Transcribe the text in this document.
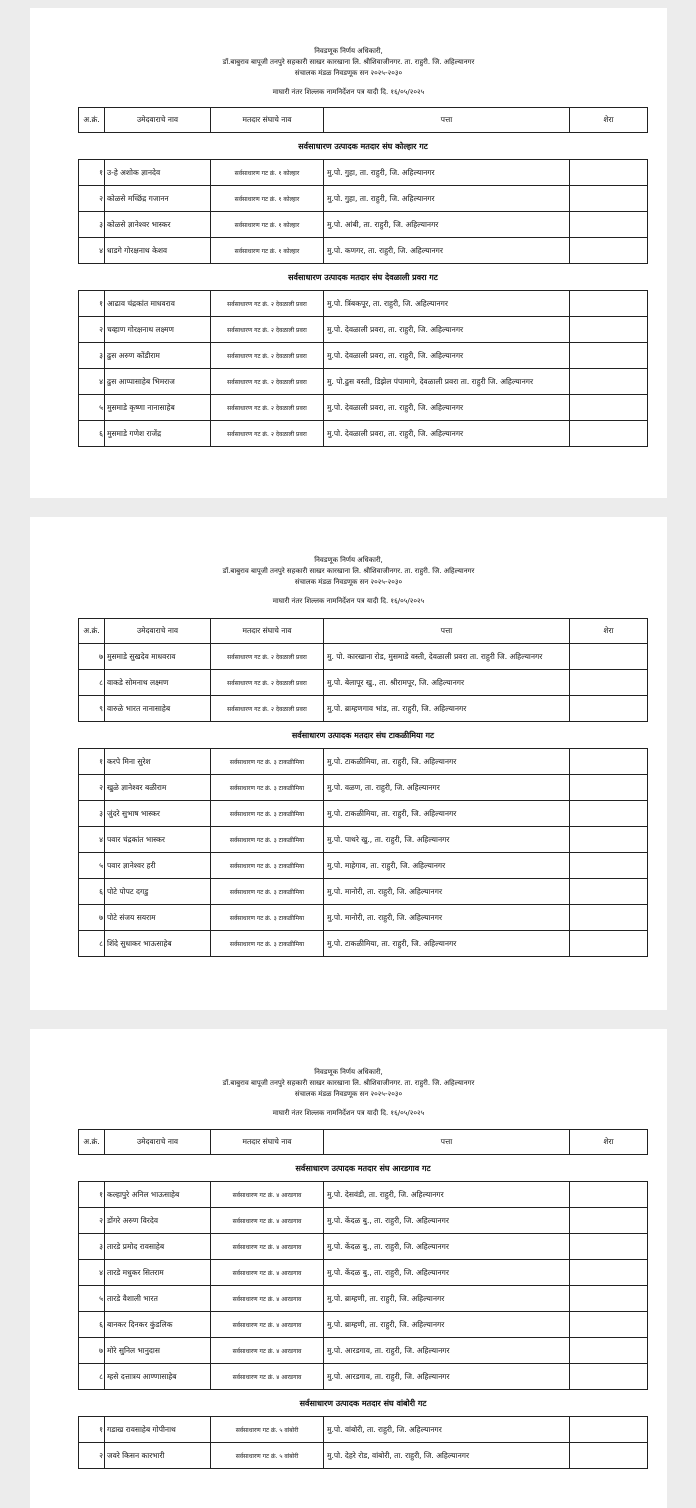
निवडणूक निर्णय अधिकारी,
डॉ.बाबुराव बापूजी तनपुरे सहकारी साखर कारखाना लि. श्रीशिवाजीनगर. ता. राहुरी. जि. अहिल्यानगर
संचालक मंडळ निवडणूक सन २०२५-२०३०
माघारी नंतर शिल्लक नामनिर्देशन पत्र यादी दि. १६/०५/२०२५
अ.क्रं.	उमेदवाराचे नाव	मतदार संघाचे नाव	पत्ता	शेरा
सर्वसाधारण उत्पादक मतदार संघ कोल्हार गट				
१	उ-हे अशोक ज्ञानदेव	सर्वसाधारण गट क्रं. १ कोल्हार	मु.पो. गुहा, ता. राहुरी, जि. अहिल्यानगर	
२	कोळसे मच्छिंद्र गजानन	सर्वसाधारण गट क्रं. १ कोल्हार	मु.पो. गुहा, ता. राहुरी, जि. अहिल्यानगर	
३	कोळसे ज्ञानेश्वर भास्कर	सर्वसाधारण गट क्रं. १ कोल्हार	मु.पो. आंबी, ता. राहुरी, जि. अहिल्यानगर	
४	धाडगे गोरक्षनाथ केशव	सर्वसाधारण गट क्रं. १ कोल्हार	मु.पो. कणगर, ता. राहुरी, जि. अहिल्यानगर	
सर्वसाधारण उत्पादक मतदार संघ देवळाली प्रवरा गट				
१	आढाव चंद्रकांत माधवराव	सर्वसाधारण गट क्रं. २ देवळाली प्रवरा	मु.पो. त्रिंबकपूर, ता. राहुरी, जि. अहिल्यानगर	
२	चव्हाण गोरक्षनाथ लक्ष्मण	सर्वसाधारण गट क्रं. २ देवळाली प्रवरा	मु.पो. देवळाली प्रवरा, ता. राहुरी, जि. अहिल्यानगर	
३	ढुस अरुण कोंडीराम	सर्वसाधारण गट क्रं. २ देवळाली प्रवरा	मु.पो. देवळाली प्रवरा, ता. राहुरी, जि. अहिल्यानगर	
४	ढुस आप्पासाहेब भिमराज	सर्वसाधारण गट क्रं. २ देवळाली प्रवरा	मु. पो.ढुस वस्ती, डिझेल पंपामागे, देवळाली प्रवरा ता. राहुरी जि. अहिल्यानगर	
५	मुसमाडे कृष्णा नानासाहेब	सर्वसाधारण गट क्रं. २ देवळाली प्रवरा	मु.पो. देवळाली प्रवरा, ता. राहुरी, जि. अहिल्यानगर	
६	मुसमाडे गणेश राजेंद्र	सर्वसाधारण गट क्रं. २ देवळाली प्रवरा	मु.पो. देवळाली प्रवरा, ता. राहुरी, जि. अहिल्यानगर	
निवडणूक निर्णय अधिकारी,
डॉ.बाबुराव बापूजी तनपुरे सहकारी साखर कारखाना लि. श्रीशिवाजीनगर. ता. राहुरी. जि. अहिल्यानगर
संचालक मंडळ निवडणूक सन २०२५-२०३०
माघारी नंतर शिल्लक नामनिर्देशन पत्र यादी दि. १६/०५/२०२५
अ.क्रं.	उमेदवाराचे नाव	मतदार संघाचे नाव	पत्ता	शेरा
७	मुसमाडे सुखदेव माधवराव	सर्वसाधारण गट क्रं. २ देवळाली प्रवरा	मु. पो. कारखाना रोड, मुसमाडे वस्ती, देवळाली प्रवरा ता. राहुरी जि. अहिल्यानगर	
८	वाकडे सोमनाथ लक्ष्मण	सर्वसाधारण गट क्रं. २ देवळाली प्रवरा	मु.पो. बेलापूर खु., ता. श्रीरामपूर, जि. अहिल्यानगर	
९	वारुळे भारत नानासाहेब	सर्वसाधारण गट क्रं. २ देवळाली प्रवरा	मु.पो. ब्राम्हणगाव भांड, ता. राहुरी, जि. अहिल्यानगर	
सर्वसाधारण उत्पादक मतदार संघ टाकळीमिया गट				
१	करपे मिना सुरेश	सर्वसाधारण गट क्रं. ३ टाकळीमिया	मु.पो. टाकळीमिया, ता. राहुरी, जि. अहिल्यानगर	
२	खुळे ज्ञानेश्वर बळीराम	सर्वसाधारण गट क्रं. ३ टाकळीमिया	मु.पो. वळण, ता. राहुरी, जि. अहिल्यानगर	
३	जुंदरे सुभाष भास्कर	सर्वसाधारण गट क्रं. ३ टाकळीमिया	मु.पो. टाकळीमिया, ता. राहुरी, जि. अहिल्यानगर	
४	पवार चंद्रकांत भास्कर	सर्वसाधारण गट क्रं. ३ टाकळीमिया	मु.पो. पाथरे खु., ता. राहुरी, जि. अहिल्यानगर	
५	पवार ज्ञानेश्वर हरी	सर्वसाधारण गट क्रं. ३ टाकळीमिया	मु.पो. माहेगाव, ता. राहुरी, जि. अहिल्यानगर	
६	पोटे पोपट दगडु	सर्वसाधारण गट क्रं. ३ टाकळीमिया	मु.पो. मानोरी, ता. राहुरी, जि. अहिल्यानगर	
७	पोटे संजय सयराम	सर्वसाधारण गट क्रं. ३ टाकळीमिया	मु.पो. मानोरी, ता. राहुरी, जि. अहिल्यानगर	
८	शिंदे सुधाकर भाऊसाहेब	सर्वसाधारण गट क्रं. ३ टाकळीमिया	मु.पो. टाकळीमिया, ता. राहुरी, जि. अहिल्यानगर	
निवडणूक निर्णय अधिकारी,
डॉ.बाबुराव बापूजी तनपुरे सहकारी साखर कारखाना लि. श्रीशिवाजीनगर. ता. राहुरी. जि. अहिल्यानगर
संचालक मंडळ निवडणूक सन २०२५-२०३०
माघारी नंतर शिल्लक नामनिर्देशन पत्र यादी दि. १६/०५/२०२५
अ.क्रं.	उमेदवाराचे नाव	मतदार संघाचे नाव	पत्ता	शेरा
सर्वसाधारण उत्पादक मतदार संघ आरडगाव गट				
१	कल्हापुरे अनिल भाऊसाहेब	सर्वसाधारण गट क्रं. ४ आरडगाव	मु.पो. देसवंडी, ता. राहुरी, जि. अहिल्यानगर	
२	डोंगरे अरुण विरदेव	सर्वसाधारण गट क्रं. ४ आरडगाव	मु.पो. केंदळ बु., ता. राहुरी, जि. अहिल्यानगर	
३	तारडे प्रमोद रावसाहेब	सर्वसाधारण गट क्रं. ४ आरडगाव	मु.पो. केंदळ बु., ता. राहुरी, जि. अहिल्यानगर	
४	तारडे मधुकर सितराम	सर्वसाधारण गट क्रं. ४ आरडगाव	मु.पो. केंदळ बु., ता. राहुरी, जि. अहिल्यानगर	
५	तारडे वैशाली भारत	सर्वसाधारण गट क्रं. ४ आरडगाव	मु.पो. ब्राम्हणी, ता. राहुरी, जि. अहिल्यानगर	
६	बानकर दिनकर कुंडलिक	सर्वसाधारण गट क्रं. ४ आरडगाव	मु.पो. ब्राम्हणी, ता. राहुरी, जि. अहिल्यानगर	
७	मोरे सुनिल भानुदास	सर्वसाधारण गट क्रं. ४ आरडगाव	मु.पो. आरडगाव, ता. राहुरी, जि. अहिल्यानगर	
८	म्हसे दत्तात्रय आण्णासाहेब	सर्वसाधारण गट क्रं. ४ आरडगाव	मु.पो. आरडगाव, ता. राहुरी, जि. अहिल्यानगर	
सर्वसाधारण उत्पादक मतदार संघ वांबोरी गट				
१	गडाख रावसाहेब गोपीनाथ	सर्वसाधारण गट क्रं. ५ वांबोरी	मु.पो. वांबोरी, ता. राहुरी, जि. अहिल्यानगर	
२	जवरे किसन कारभारी	सर्वसाधारण गट क्रं. ५ वांबोरी	मु.पो. देहरे रोड, वांबोरी, ता. राहुरी, जि. अहिल्यानगर	
